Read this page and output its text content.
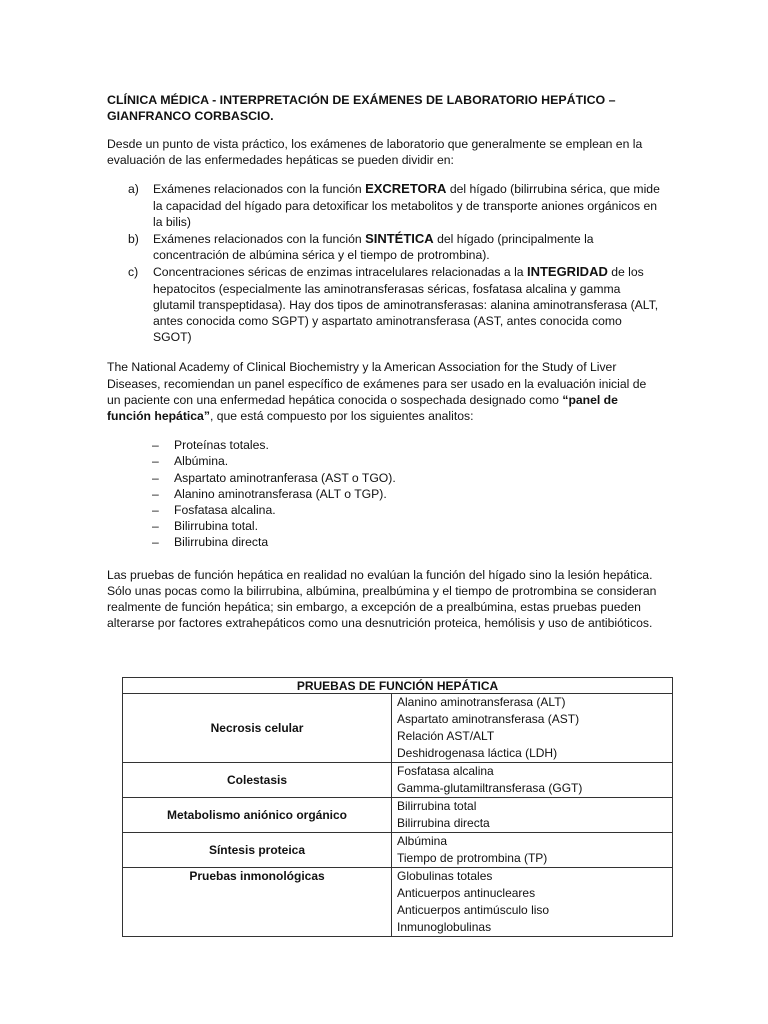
CLÍNICA MÉDICA - INTERPRETACIÓN DE EXÁMENES DE LABORATORIO HEPÁTICO – GIANFRANCO CORBASCIO.

Desde un punto de vista práctico, los exámenes de laboratorio que generalmente se emplean en la evaluación de las enfermedades hepáticas se pueden dividir en:

a) Exámenes relacionados con la función EXCRETORA del hígado (bilirrubina sérica, que mide la capacidad del hígado para detoxificar los metabolitos y de transporte aniones orgánicos en la bilis)
b) Exámenes relacionados con la función SINTÉTICA del hígado (principalmente la concentración de albúmina sérica y el tiempo de protrombina).
c) Concentraciones séricas de enzimas intracelulares relacionadas a la INTEGRIDAD de los hepatocitos (especialmente las aminotransferasas séricas, fosfatasa alcalina y gamma glutamil transpeptidasa). Hay dos tipos de aminotransferasas: alanina aminotransferasa (ALT, antes conocida como SGPT) y aspartato aminotransferasa (AST, antes conocida como SGOT)

The National Academy of Clinical Biochemistry y la American Association for the Study of Liver Diseases, recomiendan un panel específico de exámenes para ser usado en la evaluación inicial de un paciente con una enfermedad hepática conocida o sospechada designado como “panel de función hepática”, que está compuesto por los siguientes analitos:

– Proteínas totales.
– Albúmina.
– Aspartato aminotranferasa (AST o TGO).
– Alanino aminotransferasa (ALT o TGP).
– Fosfatasa alcalina.
– Bilirrubina total.
– Bilirrubina directa

Las pruebas de función hepática en realidad no evalúan la función del hígado sino la lesión hepática. Sólo unas pocas como la bilirrubina, albúmina, prealbúmina y el tiempo de protrombina se consideran realmente de función hepática; sin embargo, a excepción de a prealbúmina, estas pruebas pueden alterarse por factores extrahepáticos como una desnutrición proteica, hemólisis y uso de antibióticos.

PRUEBAS DE FUNCIÓN HEPÁTICA	
Necrosis celular	Alanino aminotransferasa (ALT)
Aspartato aminotransferasa (AST)
Relación AST/ALT
Deshidrogenasa láctica (LDH)

Colestasis	Fosfatasa alcalina
Gamma-glutamiltransferasa (GGT)

Metabolismo aniónico orgánico	Bilirrubina total
Bilirrubina directa

Síntesis proteica	Albúmina
Tiempo de protrombina (TP)

Pruebas inmonológicas	Globulinas totales
Anticuerpos antinucleares
Anticuerpos antimúsculo liso
Inmunoglobulinas
